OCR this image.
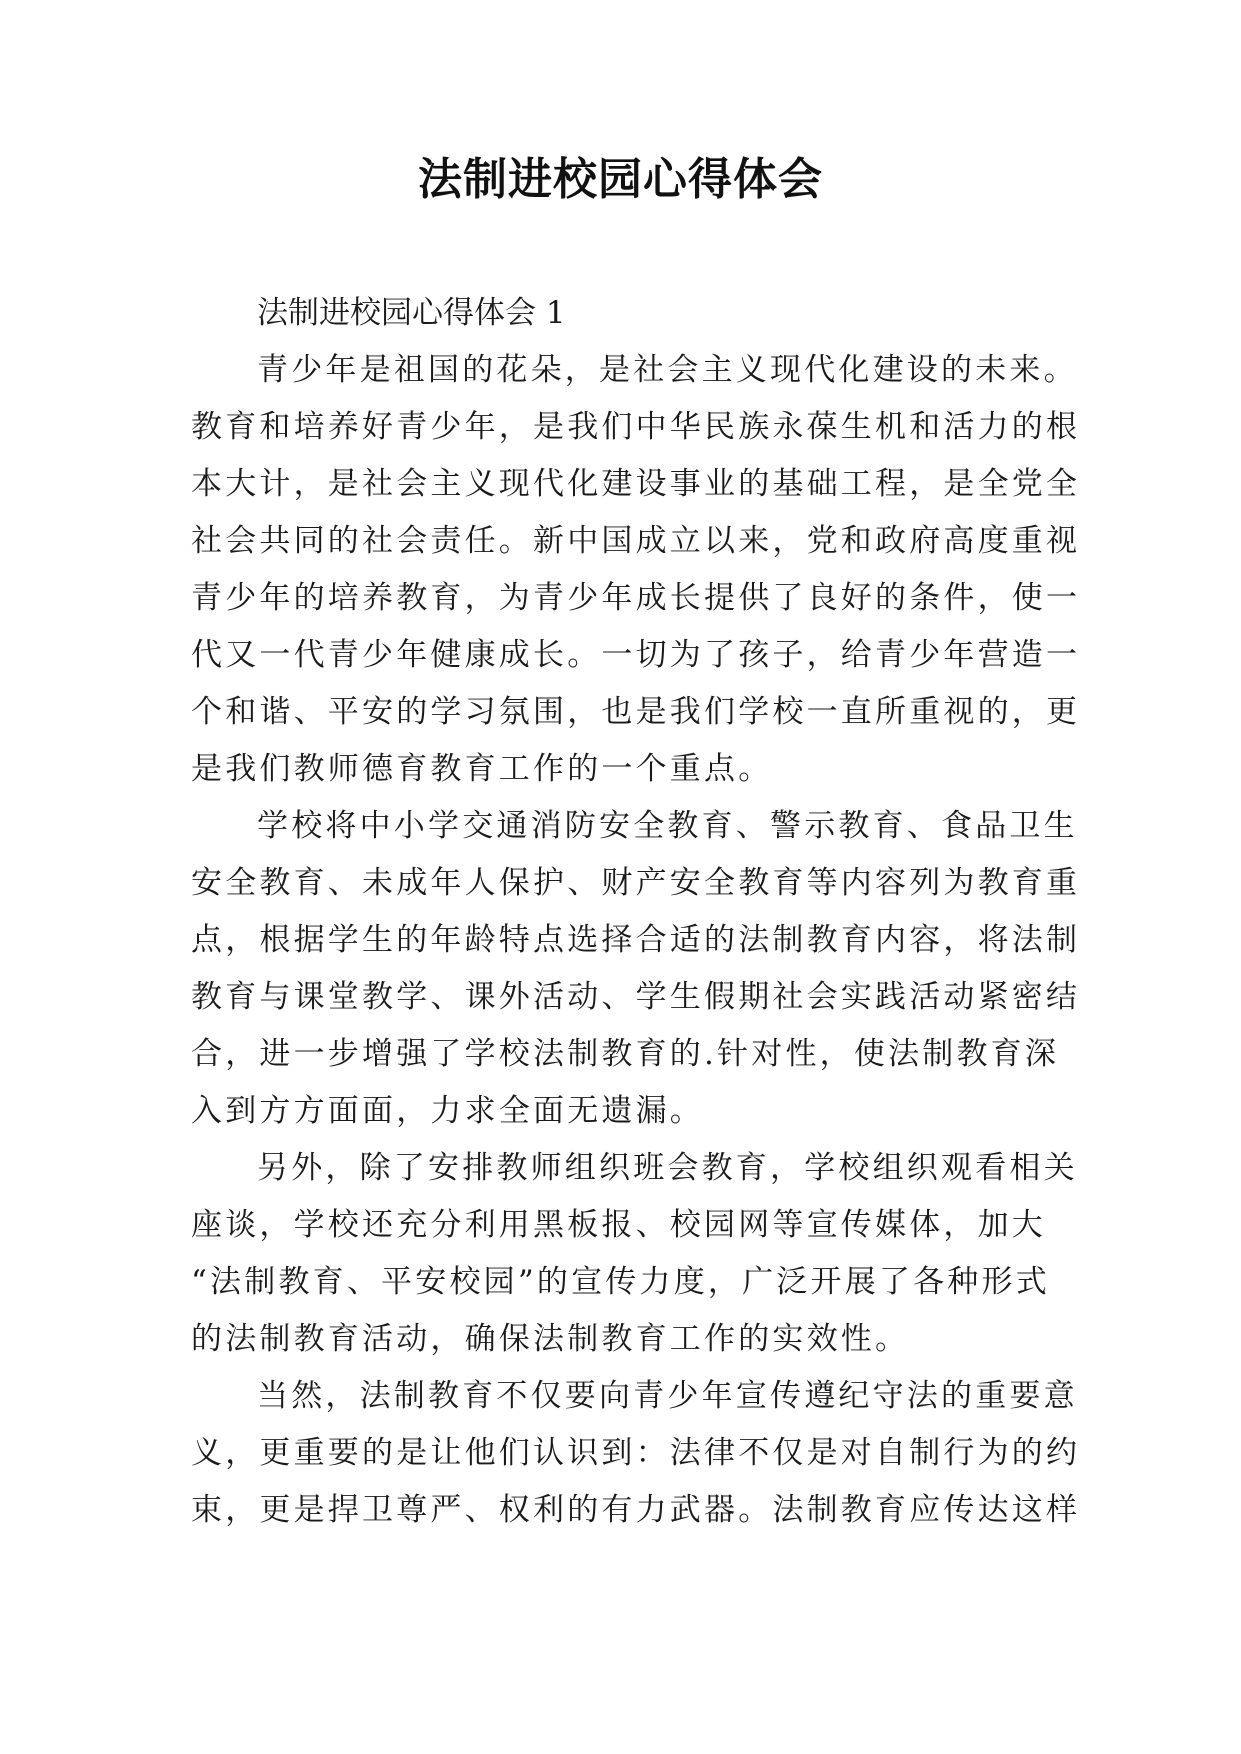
法制进校园心得体会

法制进校园心得体会 1

青少年是祖国的花朵，是社会主义现代化建设的未来。
教育和培养好青少年，是我们中华民族永葆生机和活力的根
本大计，是社会主义现代化建设事业的基础工程，是全党全
社会共同的社会责任。新中国成立以来，党和政府高度重视
青少年的培养教育，为青少年成长提供了良好的条件，使一
代又一代青少年健康成长。一切为了孩子，给青少年营造一
个和谐、平安的学习氛围，也是我们学校一直所重视的，更
是我们教师德育教育工作的一个重点。

学校将中小学交通消防安全教育、警示教育、食品卫生
安全教育、未成年人保护、财产安全教育等内容列为教育重
点，根据学生的年龄特点选择合适的法制教育内容，将法制
教育与课堂教学、课外活动、学生假期社会实践活动紧密结
合，进一步增强了学校法制教育的.针对性，使法制教育深
入到方方面面，力求全面无遗漏。

另外，除了安排教师组织班会教育，学校组织观看相关
座谈，学校还充分利用黑板报、校园网等宣传媒体，加大
“法制教育、平安校园”的宣传力度，广泛开展了各种形式
的法制教育活动，确保法制教育工作的实效性。

当然，法制教育不仅要向青少年宣传遵纪守法的重要意
义，更重要的是让他们认识到：法律不仅是对自制行为的约
束，更是捍卫尊严、权利的有力武器。法制教育应传达这样
